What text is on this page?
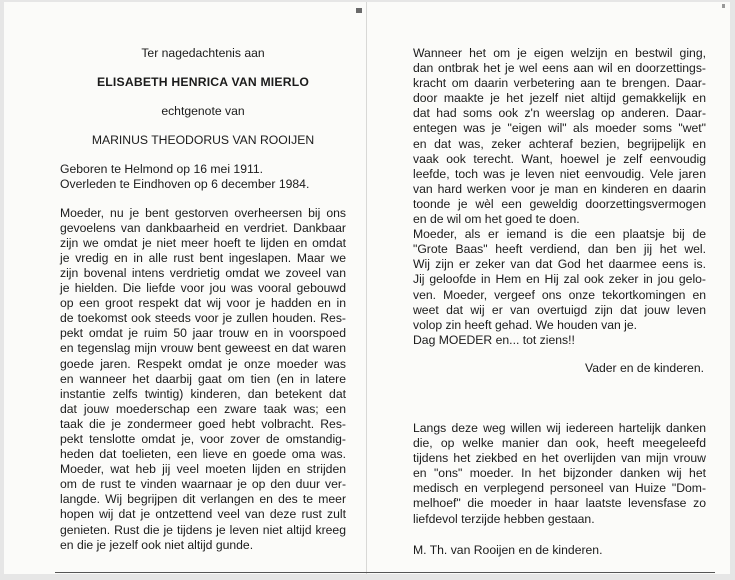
Ter nagedachtenis aan
ELISABETH HENRICA VAN MIERLO
echtgenote van
MARINUS THEODORUS VAN ROOIJEN
Geboren te Helmond op 16 mei 1911.
Overleden te Eindhoven op 6 december 1984.
Moeder, nu je bent gestorven overheersen bij ons
gevoelens van dankbaarheid en verdriet. Dankbaar
zijn we omdat je niet meer hoeft te lijden en omdat
je vredig en in alle rust bent ingeslapen. Maar we
zijn bovenal intens verdrietig omdat we zoveel van
je hielden. Die liefde voor jou was vooral gebouwd
op een groot respekt dat wij voor je hadden en in
de toekomst ook steeds voor je zullen houden. Res-
pekt omdat je ruim 50 jaar trouw en in voorspoed
en tegenslag mijn vrouw bent geweest en dat waren
goede jaren. Respekt omdat je onze moeder was
en wanneer het daarbij gaat om tien (en in latere
instantie zelfs twintig) kinderen, dan betekent dat
dat jouw moederschap een zware taak was; een
taak die je zondermeer goed hebt volbracht. Res-
pekt tenslotte omdat je, voor zover de omstandig-
heden dat toelieten, een lieve en goede oma was.
Moeder, wat heb jij veel moeten lijden en strijden
om de rust te vinden waarnaar je op den duur ver-
langde. Wij begrijpen dit verlangen en des te meer
hopen wij dat je ontzettend veel van deze rust zult
genieten. Rust die je tijdens je leven niet altijd kreeg
en die je jezelf ook niet altijd gunde.
Wanneer het om je eigen welzijn en bestwil ging,
dan ontbrak het je wel eens aan wil en doorzettings-
kracht om daarin verbetering aan te brengen. Daar-
door maakte je het jezelf niet altijd gemakkelijk en
dat had soms ook z'n weerslag op anderen. Daar-
entegen was je "eigen wil" als moeder soms "wet"
en dat was, zeker achteraf bezien, begrijpelijk en
vaak ook terecht. Want, hoewel je zelf eenvoudig
leefde, toch was je leven niet eenvoudig. Vele jaren
van hard werken voor je man en kinderen en daarin
toonde je wèl een geweldig doorzettingsvermogen
en de wil om het goed te doen.
Moeder, als er iemand is die een plaatsje bij de
"Grote Baas" heeft verdiend, dan ben jij het wel.
Wij zijn er zeker van dat God het daarmee eens is.
Jij geloofde in Hem en Hij zal ook zeker in jou gelo-
ven. Moeder, vergeef ons onze tekortkomingen en
weet dat wij er van overtuigd zijn dat jouw leven
volop zin heeft gehad. We houden van je.
Dag MOEDER en... tot ziens!!
Vader en de kinderen.
Langs deze weg willen wij iedereen hartelijk danken
die, op welke manier dan ook, heeft meegeleefd
tijdens het ziekbed en het overlijden van mijn vrouw
en "ons" moeder. In het bijzonder danken wij het
medisch en verplegend personeel van Huize "Dom-
melhoef" die moeder in haar laatste levensfase zo
liefdevol terzijde hebben gestaan.
M. Th. van Rooijen en de kinderen.
